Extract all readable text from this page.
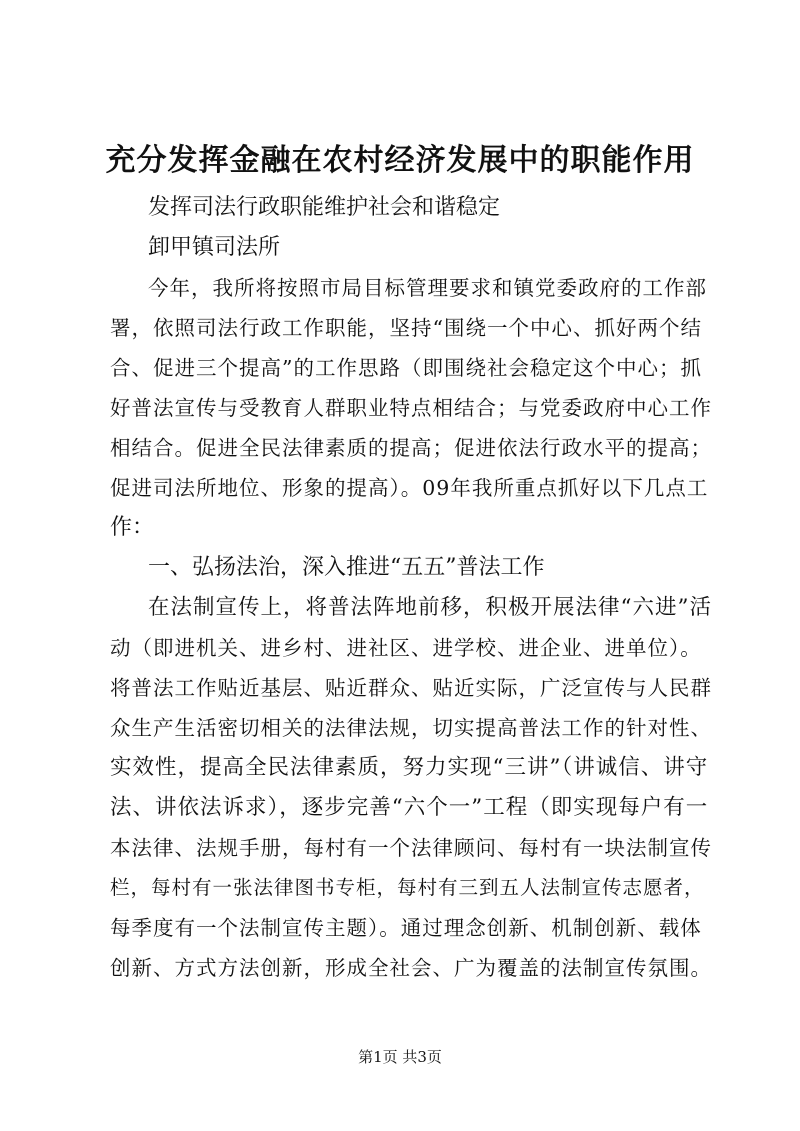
充分发挥金融在农村经济发展中的职能作用
发挥司法行政职能维护社会和谐稳定
卸甲镇司法所
今年，我所将按照市局目标管理要求和镇党委政府的工作部
署，依照司法行政工作职能，坚持“围绕一个中心、抓好两个结
合、促进三个提高”的工作思路（即围绕社会稳定这个中心；抓
好普法宣传与受教育人群职业特点相结合；与党委政府中心工作
相结合。促进全民法律素质的提高；促进依法行政水平的提高；
促进司法所地位、形象的提高）。09年我所重点抓好以下几点工
作：
一、弘扬法治，深入推进“五五”普法工作
在法制宣传上，将普法阵地前移，积极开展法律“六进”活
动（即进机关、进乡村、进社区、进学校、进企业、进单位）。
将普法工作贴近基层、贴近群众、贴近实际，广泛宣传与人民群
众生产生活密切相关的法律法规，切实提高普法工作的针对性、
实效性，提高全民法律素质，努力实现“三讲”（讲诚信、讲守
法、讲依法诉求），逐步完善“六个一”工程（即实现每户有一
本法律、法规手册，每村有一个法律顾问、每村有一块法制宣传
栏，每村有一张法律图书专柜，每村有三到五人法制宣传志愿者，
每季度有一个法制宣传主题）。通过理念创新、机制创新、载体
创新、方式方法创新，形成全社会、广为覆盖的法制宣传氛围。
第1页 共3页
